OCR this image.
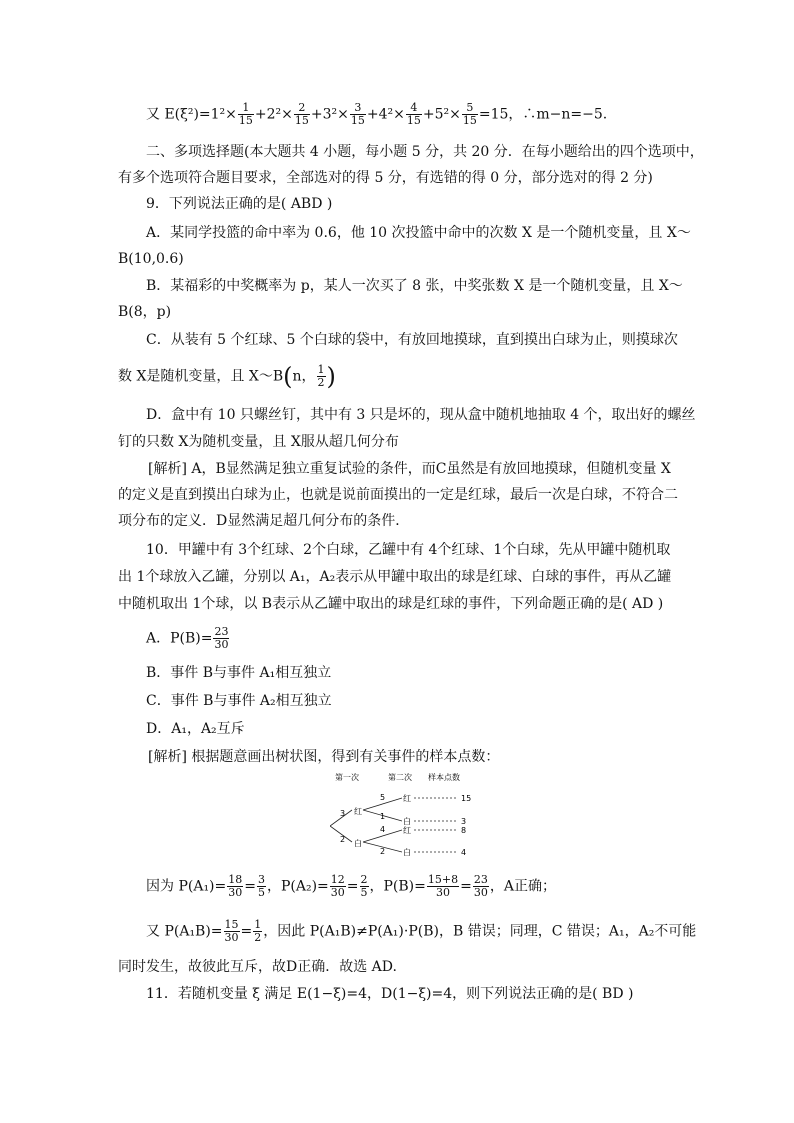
又 $E(\xi^2)=1^2\times \frac{1}{15} +2^2\times \frac{2}{15} +3^2\times \frac{3}{15} +4^2\times \frac{4}{15} +5^2\times \frac{5}{15} =15$，∴m−n=−5.
二、多项选择题(本大题共 4 小题，每小题 5 分，共 20 分．在每小题给出的四个选项中，
有多个选项符合题目要求，全部选对的得 5 分，有选错的得 0 分，部分选对的得 2 分)
9．下列说法正确的是( ABD )
A．某同学投篮的命中率为 0.6，他 10 次投篮中命中的次数 X 是一个随机变量，且 X～
B(10,0.6)
B．某福彩的中奖概率为 p，某人一次买了 8 张，中奖张数 X 是一个随机变量，且 X～
B(8，p)
C．从装有 5 个红球、5 个白球的袋中，有放回地摸球，直到摸出白球为止，则摸球次
数 X是随机变量，且 X～B(n， $\frac{1}{2}$ )
D．盒中有 10 只螺丝钉，其中有 3 只是坏的，现从盒中随机地抽取 4 个，取出好的螺丝
钉的只数 X为随机变量，且 X服从超几何分布
[解析] A，B显然满足独立重复试验的条件，而C虽然是有放回地摸球，但随机变量 X
的定义是直到摸出白球为止，也就是说前面摸出的一定是红球，最后一次是白球，不符合二
项分布的定义．D显然满足超几何分布的条件．
10．甲罐中有 3个红球、2个白球，乙罐中有 4个红球、1个白球，先从甲罐中随机取
出 1个球放入乙罐，分别以 A₁，A₂表示从甲罐中取出的球是红球、白球的事件，再从乙罐
中随机取出 1个球，以 B表示从乙罐中取出的球是红球的事件，下列命题正确的是( AD )
A．$P(B)= \frac{23}{30}$
B．事件 B与事件 A₁相互独立
C．事件 B与事件 A₂相互独立
D．A₁，A₂互斥
[解析] 根据题意画出树状图，得到有关事件的样本点数：
第一次	第二次 样本点数
3
2
红
白
5
1
4
2
红
白
红
白
15
3
8
4
因为 $P(A_1)= \frac{18}{30} = \frac{3}{5}$ ，$P(A_2)= \frac{12}{30} = \frac{2}{5}$ ，$P(B)= \frac{15+8}{30} = \frac{23}{30}$ ，A正确；
又 $P(A_1B)= \frac{15}{30} = \frac{1}{2}$ ，因此 P(A₁B)≠P(A₁)·P(B)，B 错误；同理，C 错误；A₁，A₂不可能
同时发生，故彼此互斥，故D正确．故选 AD.
11．若随机变量 ξ 满足 E(1−ξ)=4，D(1−ξ)=4，则下列说法正确的是( BD )
